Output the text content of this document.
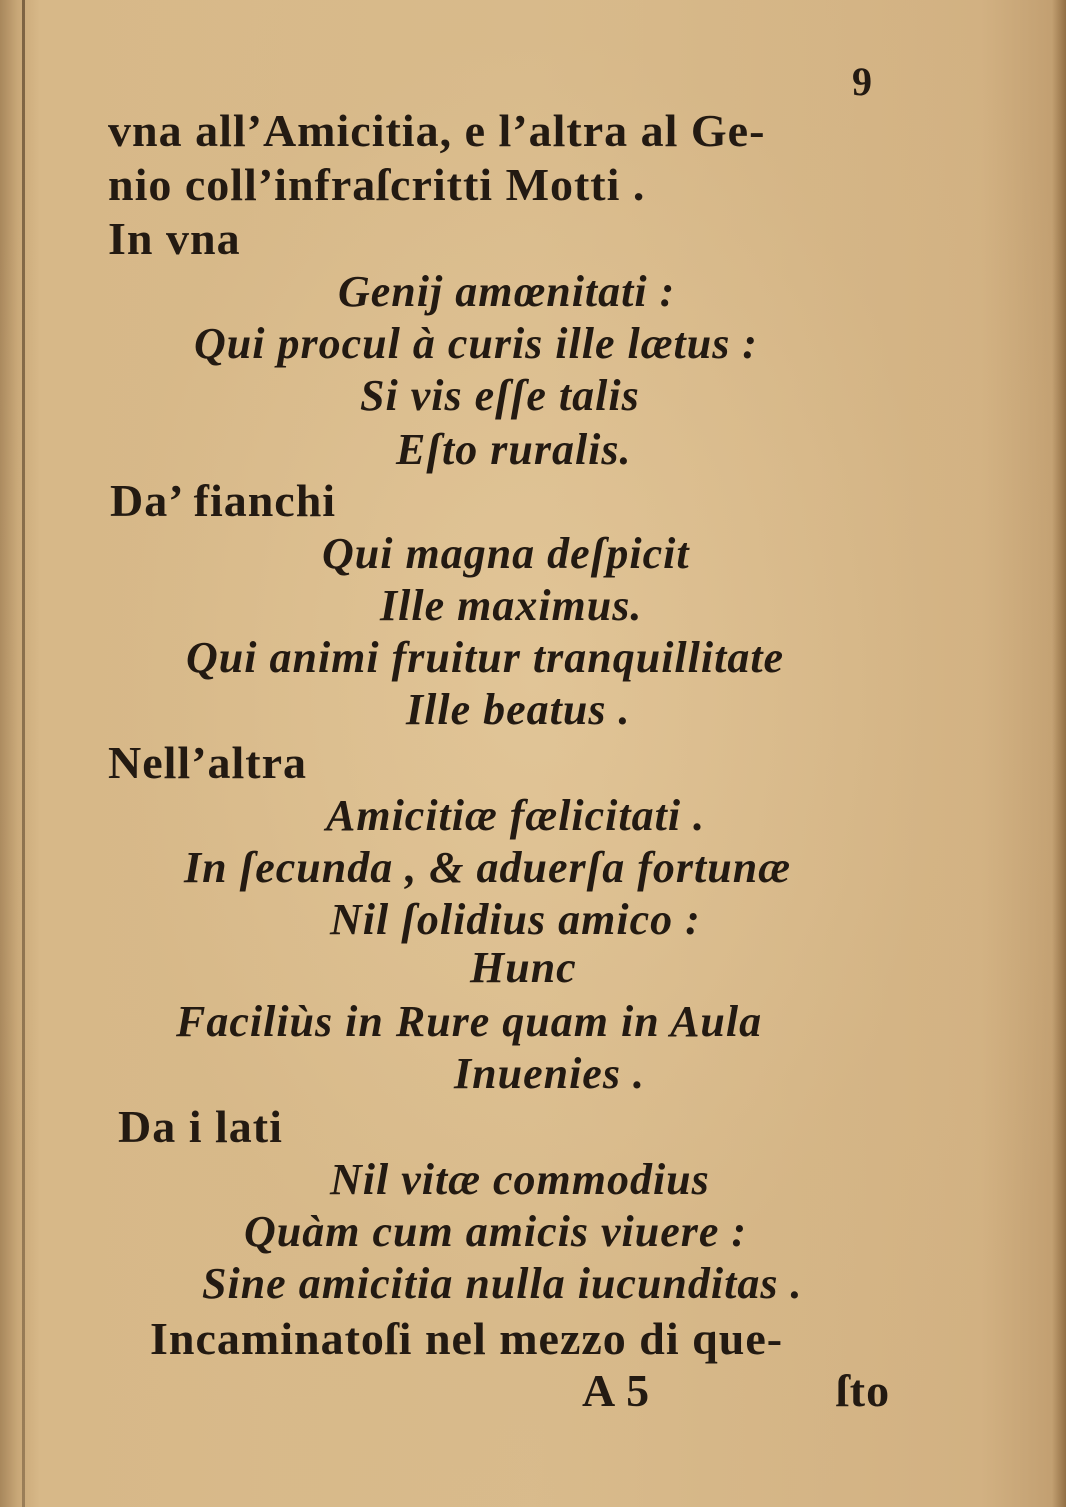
9
vna all’Amicitia, e l’altra al Ge-
nio coll’infraſcritti Motti .
In vna
Genij amœnitati :
Qui procul à curis ille lætus :
Si vis eſſe talis
Eſto ruralis.
Da’ fianchi
Qui magna deſpicit
Ille maximus.
Qui animi fruitur tranquillitate
Ille beatus .
Nell’altra
Amicitiæ fælicitati .
In ſecunda , & aduerſa fortunæ
Nil ſolidius amico :
Hunc
Faciliùs in Rure quam in Aula
Inuenies .
Da i lati
Nil vitæ commodius
Quàm cum amicis viuere :
Sine amicitia nulla iucunditas .
Incaminatoſi nel mezzo di que-
A 5	ſto
